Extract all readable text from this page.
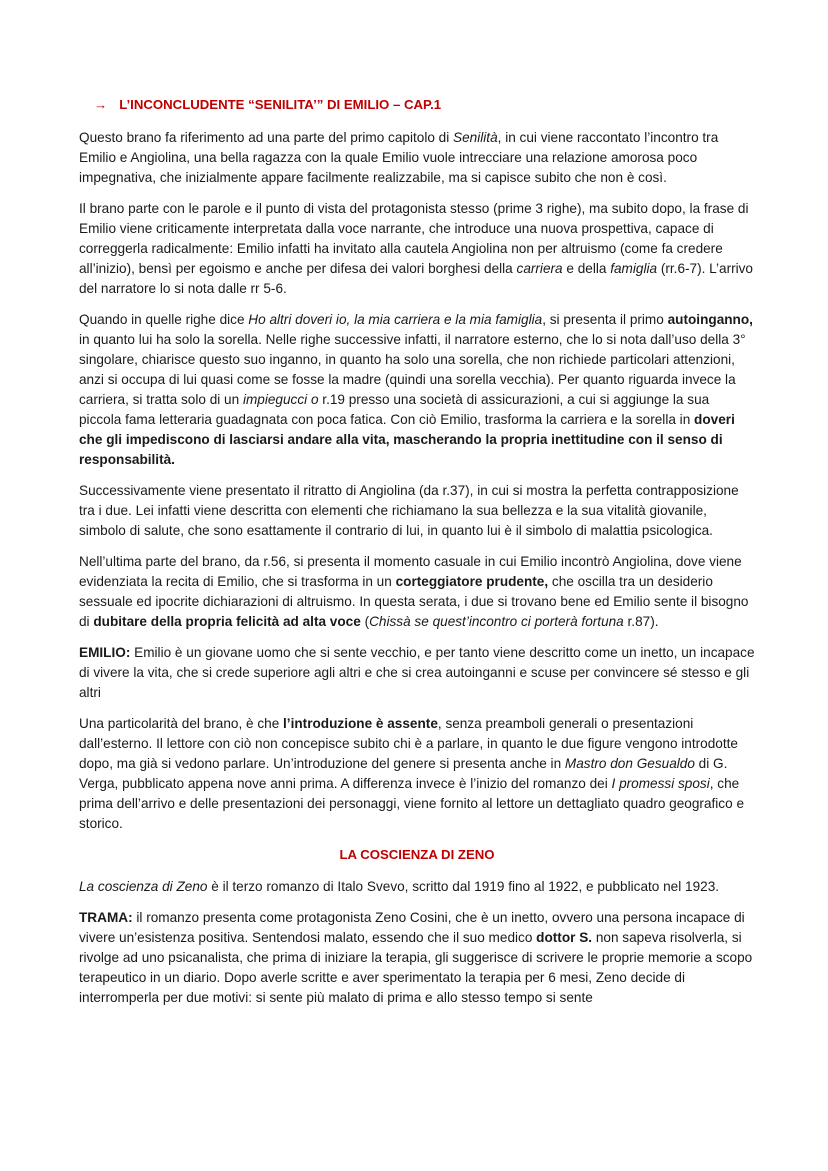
→ L’INCONCLUDENTE “SENILITA’” DI EMILIO – CAP.1

Questo brano fa riferimento ad una parte del primo capitolo di Senilità, in cui viene raccontato l’incontro tra Emilio e Angiolina, una bella ragazza con la quale Emilio vuole intrecciare una relazione amorosa poco impegnativa, che inizialmente appare facilmente realizzabile, ma si capisce subito che non è così.

Il brano parte con le parole e il punto di vista del protagonista stesso (prime 3 righe), ma subito dopo, la frase di Emilio viene criticamente interpretata dalla voce narrante, che introduce una nuova prospettiva, capace di correggerla radicalmente: Emilio infatti ha invitato alla cautela Angiolina non per altruismo (come fa credere all’inizio), bensì per egoismo e anche per difesa dei valori borghesi della carriera e della famiglia (rr.6-7). L’arrivo del narratore lo si nota dalle rr 5-6.

Quando in quelle righe dice Ho altri doveri io, la mia carriera e la mia famiglia, si presenta il primo autoinganno, in quanto lui ha solo la sorella. Nelle righe successive infatti, il narratore esterno, che lo si nota dall’uso della 3° singolare, chiarisce questo suo inganno, in quanto ha solo una sorella, che non richiede particolari attenzioni, anzi si occupa di lui quasi come se fosse la madre (quindi una sorella vecchia). Per quanto riguarda invece la carriera, si tratta solo di un impiegucci o r.19 presso una società di assicurazioni, a cui si aggiunge la sua piccola fama letteraria guadagnata con poca fatica. Con ciò Emilio, trasforma la carriera e la sorella in doveri che gli impediscono di lasciarsi andare alla vita, mascherando la propria inettitudine con il senso di responsabilità.

Successivamente viene presentato il ritratto di Angiolina (da r.37), in cui si mostra la perfetta contrapposizione tra i due. Lei infatti viene descritta con elementi che richiamano la sua bellezza e la sua vitalità giovanile, simbolo di salute, che sono esattamente il contrario di lui, in quanto lui è il simbolo di malattia psicologica.

Nell’ultima parte del brano, da r.56, si presenta il momento casuale in cui Emilio incontrò Angiolina, dove viene evidenziata la recita di Emilio, che si trasforma in un corteggiatore prudente, che oscilla tra un desiderio sessuale ed ipocrite dichiarazioni di altruismo. In questa serata, i due si trovano bene ed Emilio sente il bisogno di dubitare della propria felicità ad alta voce (Chissà se quest’incontro ci porterà fortuna r.87).

EMILIO: Emilio è un giovane uomo che si sente vecchio, e per tanto viene descritto come un inetto, un incapace di vivere la vita, che si crede superiore agli altri e che si crea autoinganni e scuse per convincere sé stesso e gli altri

Una particolarità del brano, è che l’introduzione è assente, senza preamboli generali o presentazioni dall’esterno. Il lettore con ciò non concepisce subito chi è a parlare, in quanto le due figure vengono introdotte dopo, ma già si vedono parlare. Un’introduzione del genere si presenta anche in Mastro don Gesualdo di G. Verga, pubblicato appena nove anni prima. A differenza invece è l’inizio del romanzo dei I promessi sposi, che prima dell’arrivo e delle presentazioni dei personaggi, viene fornito al lettore un dettagliato quadro geografico e storico.

LA COSCIENZA DI ZENO

La coscienza di Zeno è il terzo romanzo di Italo Svevo, scritto dal 1919 fino al 1922, e pubblicato nel 1923.

TRAMA: il romanzo presenta come protagonista Zeno Cosini, che è un inetto, ovvero una persona incapace di vivere un’esistenza positiva. Sentendosi malato, essendo che il suo medico dottor S. non sapeva risolverla, si rivolge ad uno psicanalista, che prima di iniziare la terapia, gli suggerisce di scrivere le proprie memorie a scopo terapeutico in un diario. Dopo averle scritte e aver sperimentato la terapia per 6 mesi, Zeno decide di interromperla per due motivi: si sente più malato di prima e allo stesso tempo si sente
